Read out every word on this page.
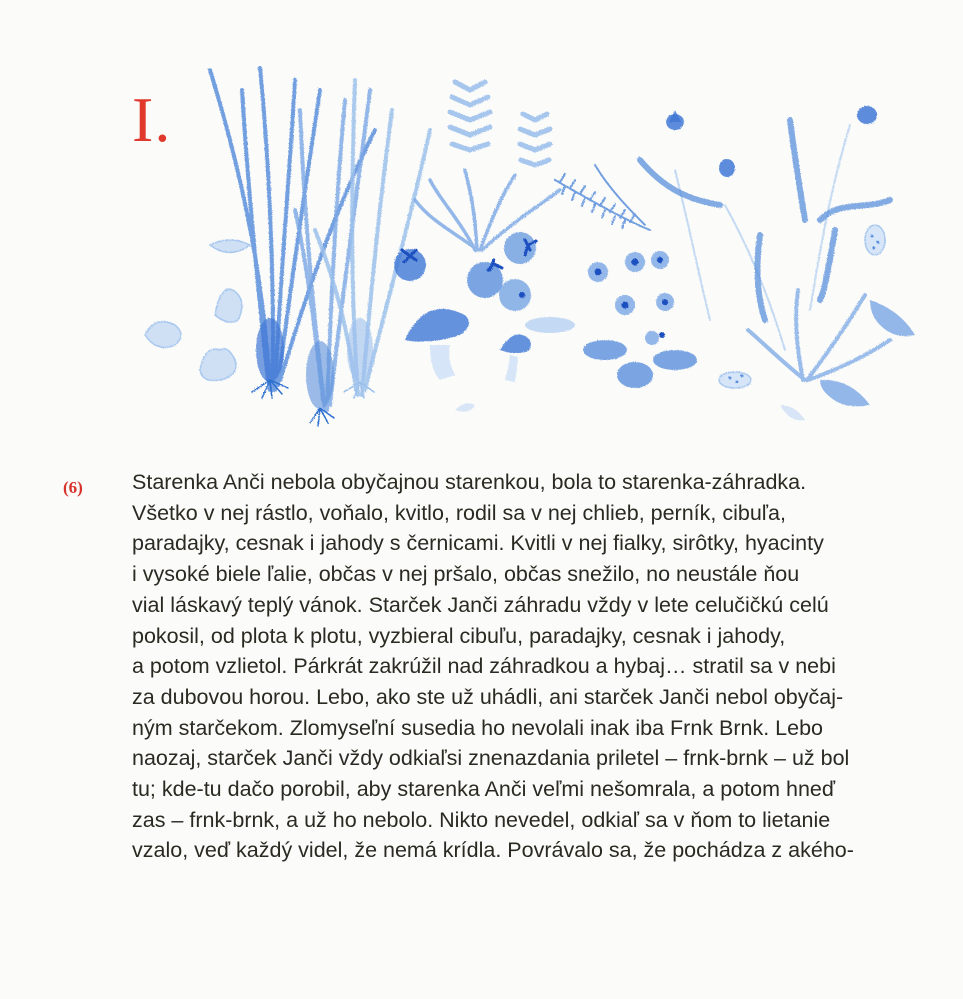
I.
(6) Starenka Anči nebola obyčajnou starenkou, bola to starenka-záhradka.
Všetko v nej rástlo, voňalo, kvitlo, rodil sa v nej chlieb, perník, cibuľa,
paradajky, cesnak i jahody s černicami. Kvitli v nej fialky, sirôtky, hyacinty
i vysoké biele ľalie, občas v nej pršalo, občas snežilo, no neustále ňou
vial láskavý teplý vánok. Starček Janči záhradu vždy v lete celučičkú celú
pokosil, od plota k plotu, vyzbieral cibuľu, paradajky, cesnak i jahody,
a potom vzlietol. Párkrát zakrúžil nad záhradkou a hybaj… stratil sa v nebi
za dubovou horou. Lebo, ako ste už uhádli, ani starček Janči nebol obyčaj-
ným starčekom. Zlomyseľní susedia ho nevolali inak iba Frnk Brnk. Lebo
naozaj, starček Janči vždy odkiaľsi znenazdania priletel – frnk-brnk – už bol
tu; kde-tu dačo porobil, aby starenka Anči veľmi nešomrala, a potom hneď
zas – frnk-brnk, a už ho nebolo. Nikto nevedel, odkiaľ sa v ňom to lietanie
vzalo, veď každý videl, že nemá krídla. Povrávalo sa, že pochádza z akého-
